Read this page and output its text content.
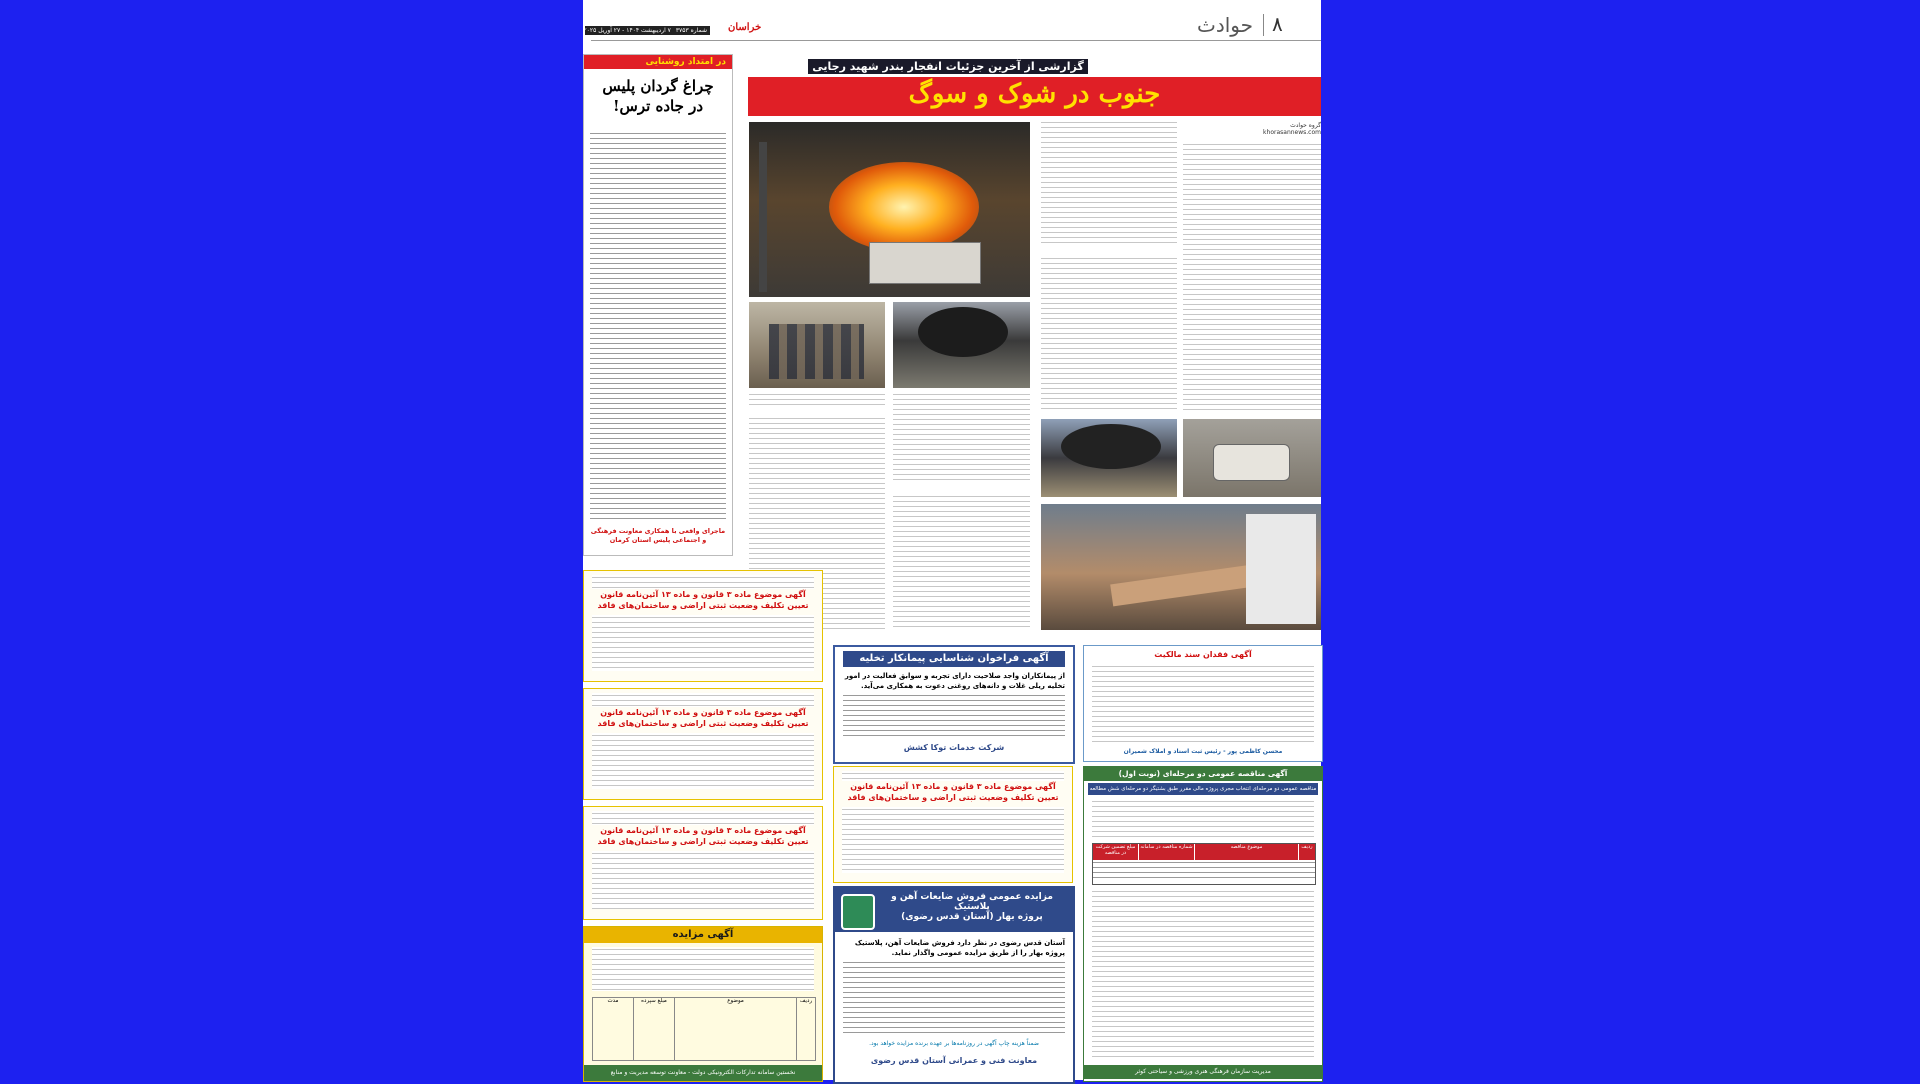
۸
حوادث
خراسان
شماره ۳۷۵۳ ۷ اردیبهشت ۱۴۰۴ - ۲۷ آوریل ۲۰۲۵
در امتداد روشنایی
چراغ گردان پلیس
در جاده ترس!
ماجرای واقعی با همکاری معاونت فرهنگی و اجتماعی پلیس استان کرمان
گزارشی از آخرین جزئیات انفجار بندر شهید رجایی
جنوب در شوک و سوگ
گروه حوادث
khorasannews.com
آگهی موضوع ماده ۳ قانون و ماده ۱۳ آئین‌نامه قانون تعیین تکلیف وضعیت ثبتی اراضی و ساختمان‌های فاقد
آگهی موضوع ماده ۳ قانون و ماده ۱۳ آئین‌نامه قانون تعیین تکلیف وضعیت ثبتی اراضی و ساختمان‌های فاقد
آگهی موضوع ماده ۳ قانون و ماده ۱۳ آئین‌نامه قانون تعیین تکلیف وضعیت ثبتی اراضی و ساختمان‌های فاقد
آگهی مزایده
ردیف
موضوع
مبلغ سپرده
مدت
نخستین سامانه تدارکات الکترونیکی دولت - معاونت توسعه مدیریت و منابع
آگهی فراخوان شناسایی پیمانکار تخلیه
از پیمانکاران واجد صلاحیت دارای تجربه و سوابق فعالیت در امور تخلیه ریلی غلات و دانه‌های روغنی دعوت به همکاری می‌آید.
شرکت خدمات توکا کشش
آگهی موضوع ماده ۳ قانون و ماده ۱۳ آئین‌نامه قانون تعیین تکلیف وضعیت ثبتی اراضی و ساختمان‌های فاقد
مزایده عمومی فروش ضایعات آهن و پلاستیک
پروژه بهار (آستان قدس رضوی)
آستان قدس رضوی در نظر دارد فروش ضایعات آهن، پلاستیک پروژه بهار را از طریق مزایده عمومی واگذار نماید.
ضمناً هزینه چاپ آگهی در روزنامه‌ها بر عهده برنده مزایده خواهد بود.
معاونت فنی و عمرانی آستان قدس رضوی
آگهی فقدان سند مالکیت
محسن کاظمی پور - رئیس ثبت اسناد و املاک شمیران
آگهی مناقصه عمومی دو مرحله‌ای (نوبت اول)
مناقصه عمومی دو مرحله‌ای انتخاب مجری پروژه مالی مقرر طبق بشتیگر دو مرحله‌ای شش مطالعه
ردیف
موضوع مناقصه
شماره مناقصه در سامانه
مبلغ تضمین شرکت در مناقصه
مدیریت سازمان فرهنگی هنری ورزشی و سیاحتی کوثر
